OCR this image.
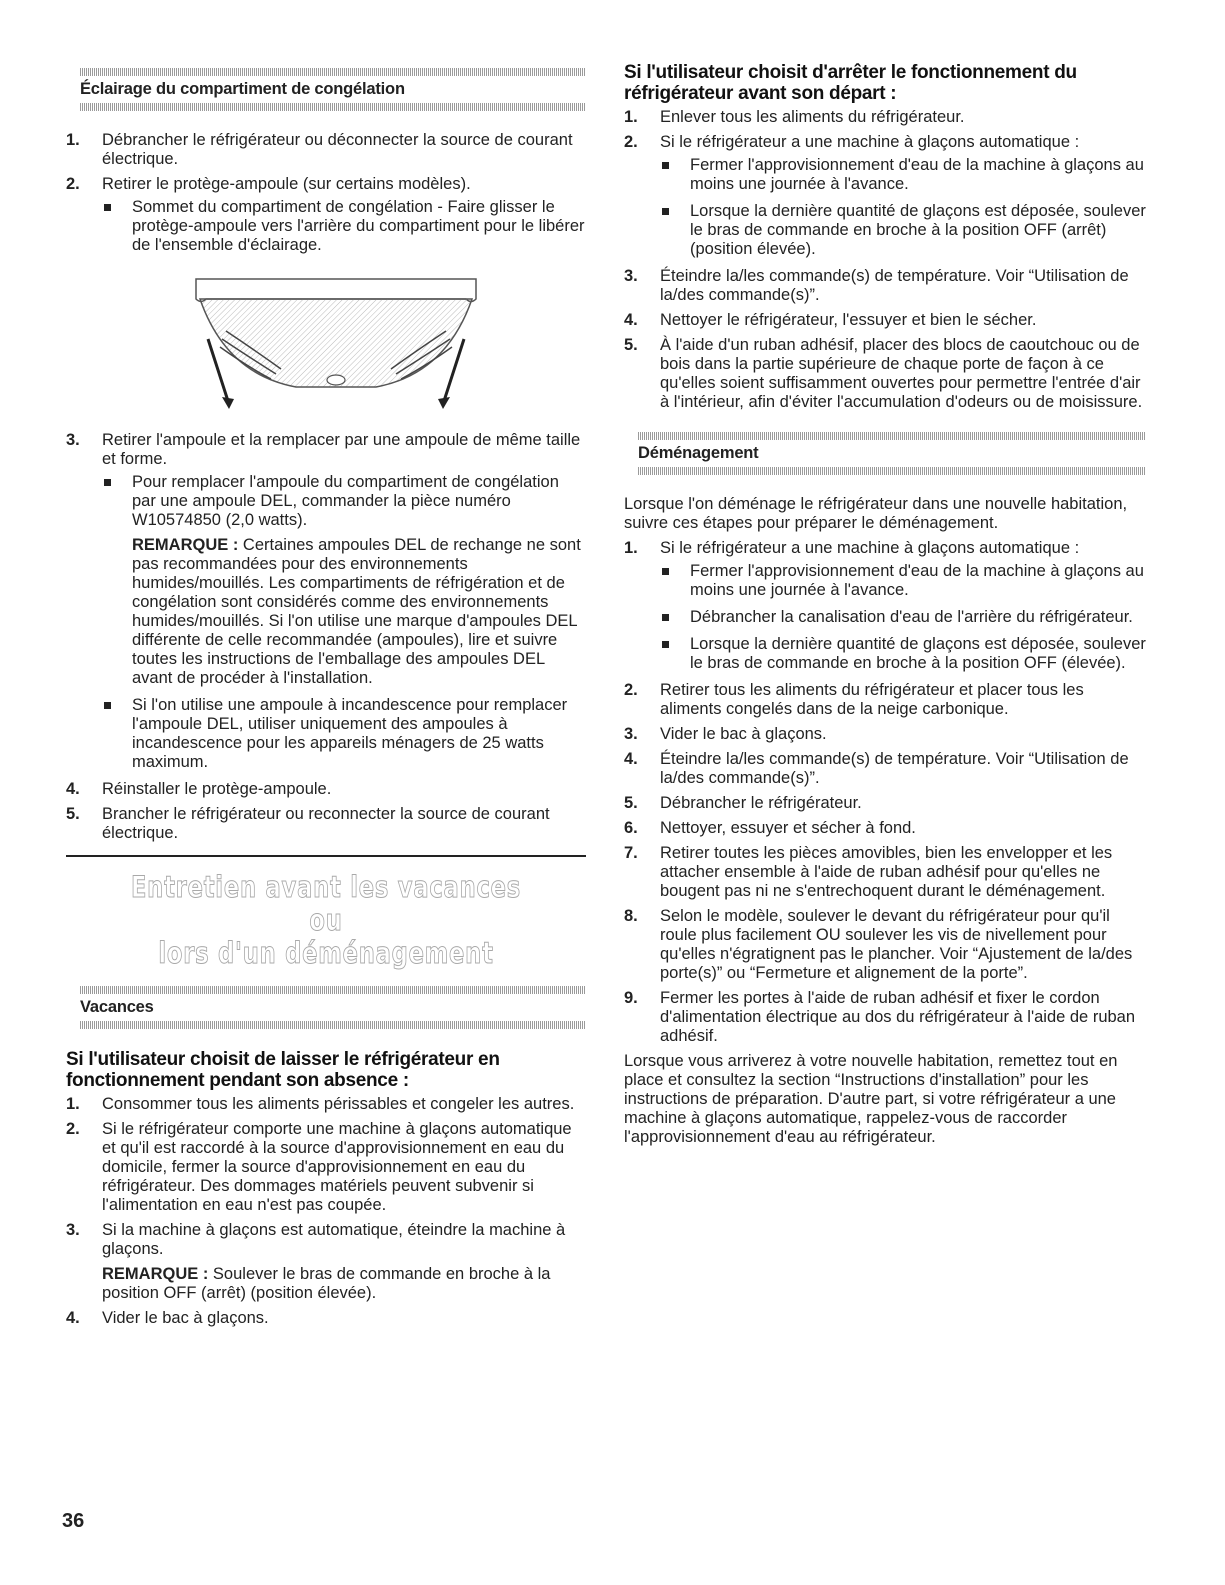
Éclairage du compartiment de congélation
1. Débrancher le réfrigérateur ou déconnecter la source de courant électrique.
2. Retirer le protège-ampoule (sur certains modèles).
Sommet du compartiment de congélation - Faire glisser le protège-ampoule vers l'arrière du compartiment pour le libérer de l'ensemble d'éclairage.
3. Retirer l'ampoule et la remplacer par une ampoule de même taille et forme.
Pour remplacer l'ampoule du compartiment de congélation par une ampoule DEL, commander la pièce numéro W10574850 (2,0 watts).
REMARQUE : Certaines ampoules DEL de rechange ne sont pas recommandées pour des environnements humides/mouillés. Les compartiments de réfrigération et de congélation sont considérés comme des environnements humides/mouillés. Si l'on utilise une marque d'ampoules DEL différente de celle recommandée (ampoules), lire et suivre toutes les instructions de l'emballage des ampoules DEL avant de procéder à l'installation.
Si l'on utilise une ampoule à incandescence pour remplacer l'ampoule DEL, utiliser uniquement des ampoules à incandescence pour les appareils ménagers de 25 watts maximum.
4. Réinstaller le protège-ampoule.
5. Brancher le réfrigérateur ou reconnecter la source de courant électrique.
Entretien avant les vacances ou
lors d'un déménagement
Vacances
Si l'utilisateur choisit de laisser le réfrigérateur en fonctionnement pendant son absence :
1. Consommer tous les aliments périssables et congeler les autres.
2. Si le réfrigérateur comporte une machine à glaçons automatique et qu'il est raccordé à la source d'approvisionnement en eau du domicile, fermer la source d'approvisionnement en eau du réfrigérateur. Des dommages matériels peuvent subvenir si l'alimentation en eau n'est pas coupée.
3. Si la machine à glaçons est automatique, éteindre la machine à glaçons.
REMARQUE : Soulever le bras de commande en broche à la position OFF (arrêt) (position élevée).
4. Vider le bac à glaçons.
Si l'utilisateur choisit d'arrêter le fonctionnement du réfrigérateur avant son départ :
1. Enlever tous les aliments du réfrigérateur.
2. Si le réfrigérateur a une machine à glaçons automatique :
Fermer l'approvisionnement d'eau de la machine à glaçons au moins une journée à l'avance.
Lorsque la dernière quantité de glaçons est déposée, soulever le bras de commande en broche à la position OFF (arrêt) (position élevée).
3. Éteindre la/les commande(s) de température. Voir “Utilisation de la/des commande(s)”.
4. Nettoyer le réfrigérateur, l'essuyer et bien le sécher.
5. À l'aide d'un ruban adhésif, placer des blocs de caoutchouc ou de bois dans la partie supérieure de chaque porte de façon à ce qu'elles soient suffisamment ouvertes pour permettre l'entrée d'air à l'intérieur, afin d'éviter l'accumulation d'odeurs ou de moisissure.
Déménagement

Lorsque l'on déménage le réfrigérateur dans une nouvelle habitation, suivre ces étapes pour préparer le déménagement.

1. Si le réfrigérateur a une machine à glaçons automatique :
Fermer l'approvisionnement d'eau de la machine à glaçons au moins une journée à l'avance.
Débrancher la canalisation d'eau de l'arrière du réfrigérateur.
Lorsque la dernière quantité de glaçons est déposée, soulever le bras de commande en broche à la position OFF (élevée).
2. Retirer tous les aliments du réfrigérateur et placer tous les aliments congelés dans de la neige carbonique.
3. Vider le bac à glaçons.
4. Éteindre la/les commande(s) de température. Voir “Utilisation de la/des commande(s)”.
5. Débrancher le réfrigérateur.
6. Nettoyer, essuyer et sécher à fond.
7. Retirer toutes les pièces amovibles, bien les envelopper et les attacher ensemble à l'aide de ruban adhésif pour qu'elles ne bougent pas ni ne s'entrechoquent durant le déménagement.
8. Selon le modèle, soulever le devant du réfrigérateur pour qu'il roule plus facilement OU soulever les vis de nivellement pour qu'elles n'égratignent pas le plancher. Voir “Ajustement de la/des porte(s)” ou “Fermeture et alignement de la porte”.
9. Fermer les portes à l'aide de ruban adhésif et fixer le cordon d'alimentation électrique au dos du réfrigérateur à l'aide de ruban adhésif.

Lorsque vous arriverez à votre nouvelle habitation, remettez tout en place et consultez la section “Instructions d'installation” pour les instructions de préparation. D'autre part, si votre réfrigérateur a une machine à glaçons automatique, rappelez-vous de raccorder l'approvisionnement d'eau au réfrigérateur.

36
